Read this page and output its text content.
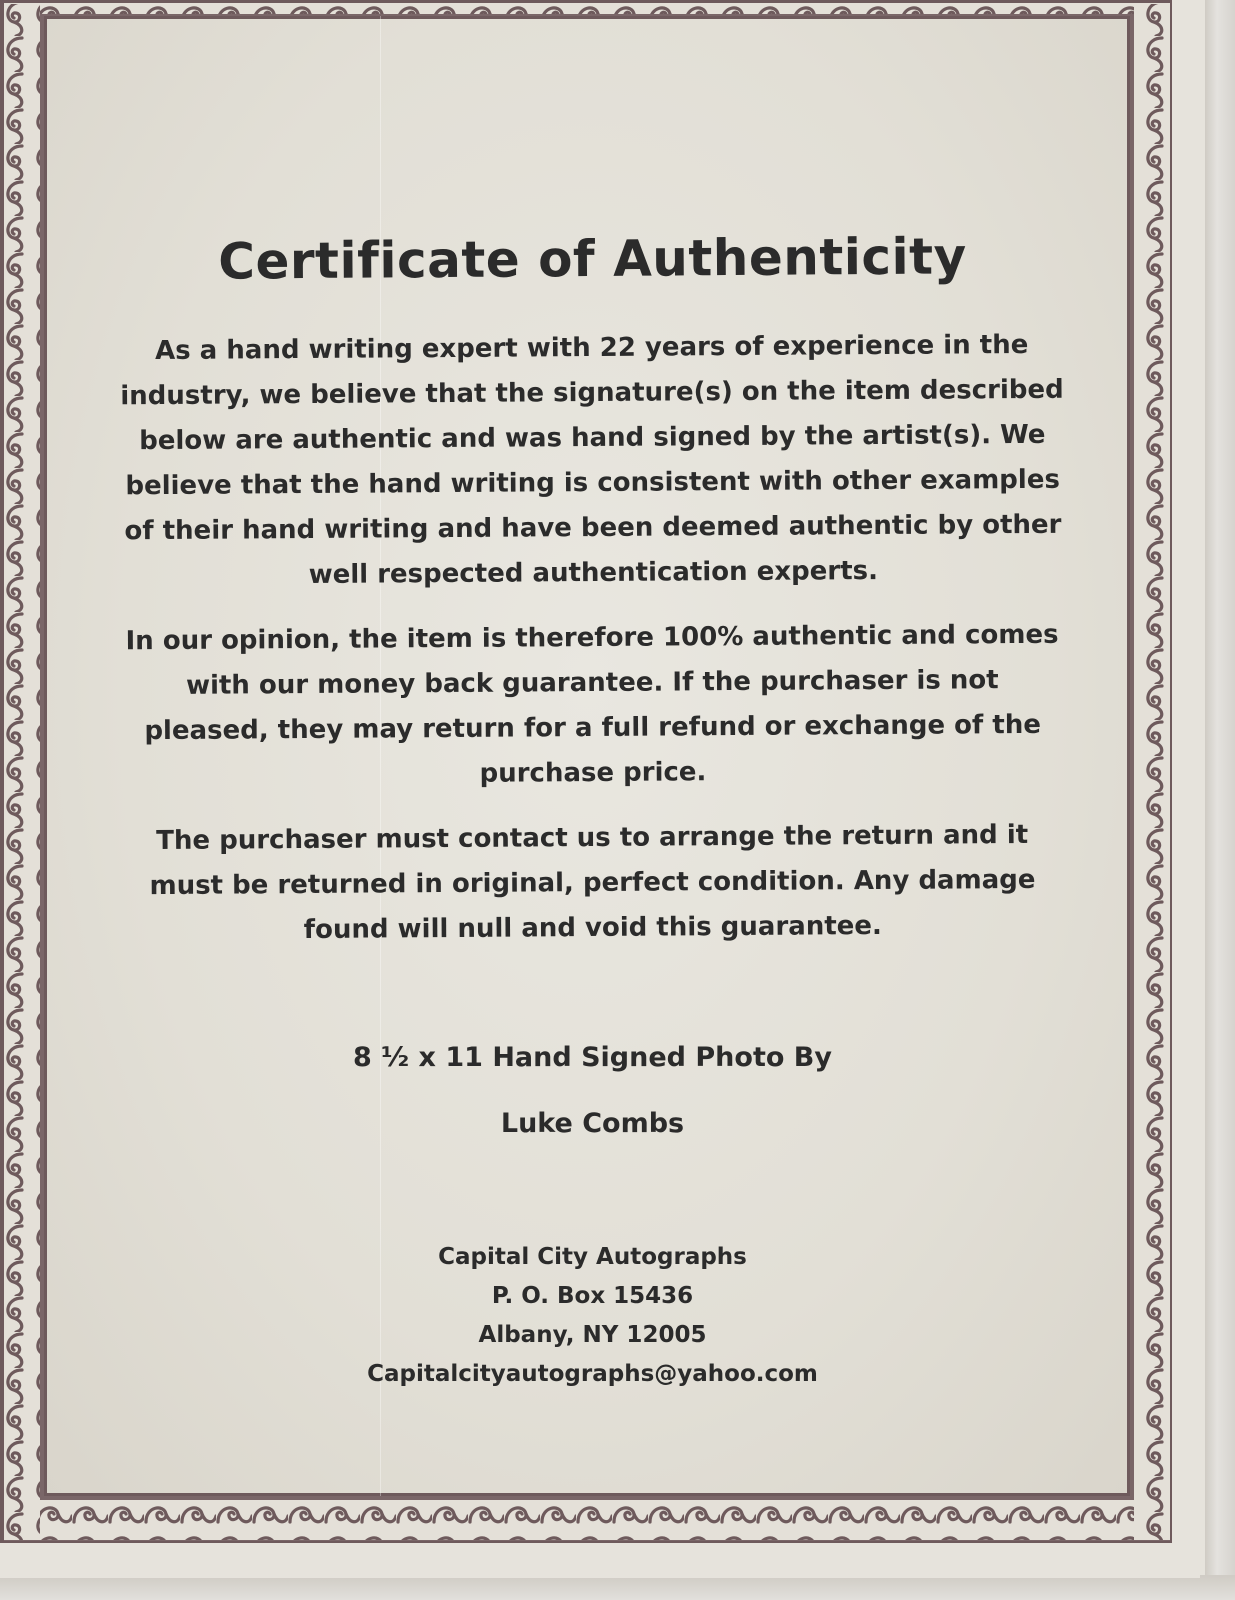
Certificate of Authenticity

As a hand writing expert with 22 years of experience in the industry, we believe that the signature(s) on the item described below are authentic and was hand signed by the artist(s). We believe that the hand writing is consistent with other examples of their hand writing and have been deemed authentic by other well respected authentication experts.

In our opinion, the item is therefore 100% authentic and comes with our money back guarantee. If the purchaser is not pleased, they may return for a full refund or exchange of the purchase price.

The purchaser must contact us to arrange the return and it must be returned in original, perfect condition. Any damage found will null and void this guarantee.

8 ½ x 11 Hand Signed Photo By
Luke Combs
Capital City Autographs
P. O. Box 15436
Albany, NY 12005
Capitalcityautographs@yahoo.com
